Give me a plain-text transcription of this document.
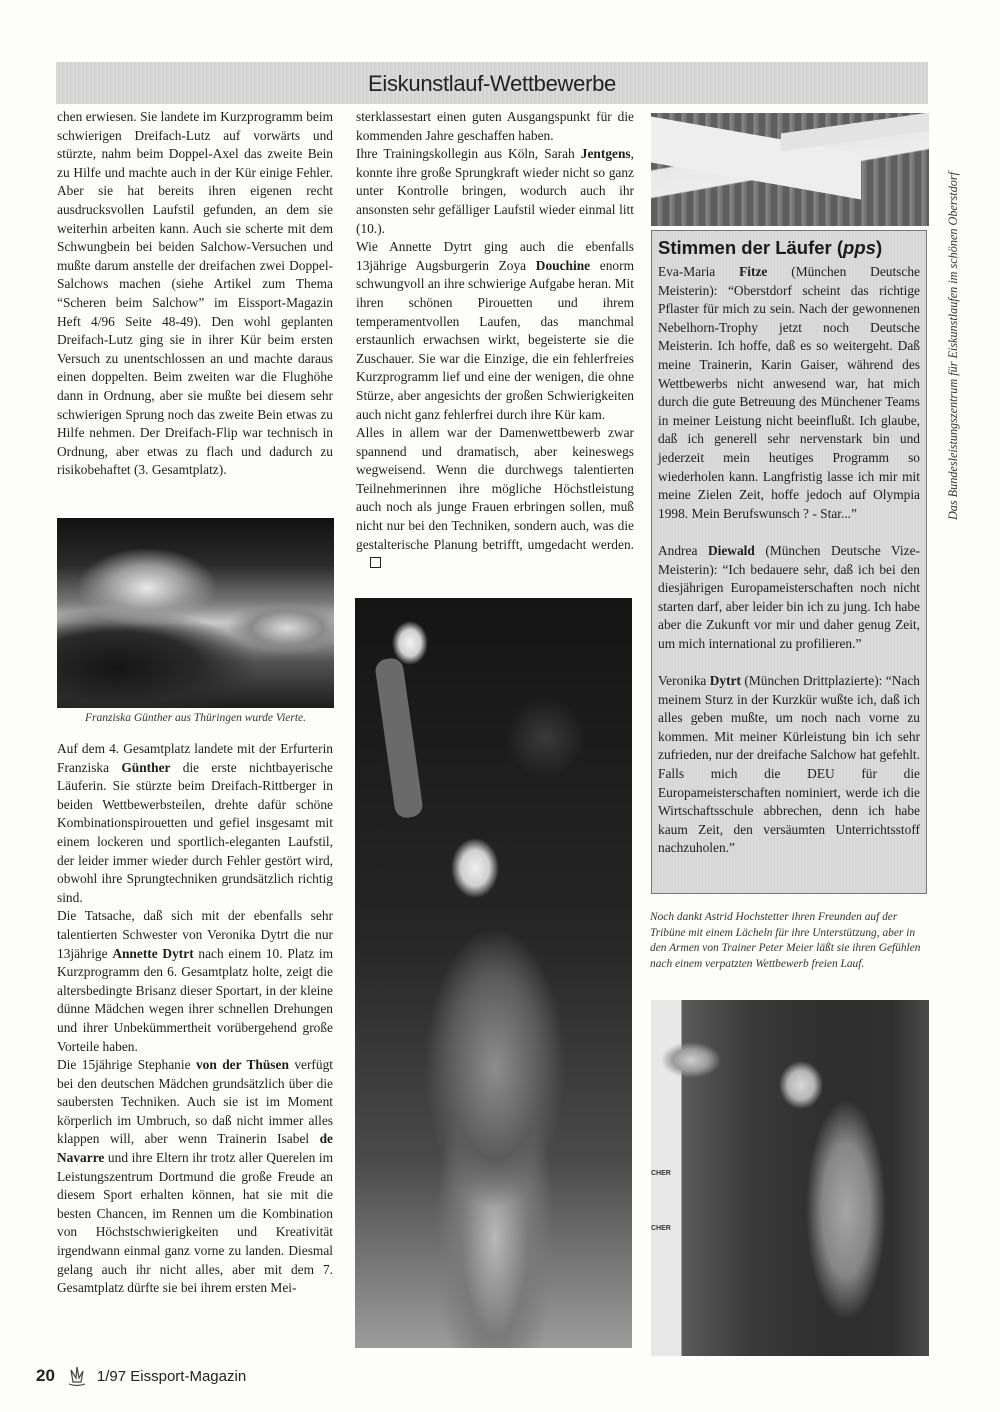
Eiskunstlauf-Wettbewerbe

chen erwiesen. Sie landete im Kurzprogramm beim schwierigen Dreifach-Lutz auf vorwärts und stürzte, nahm beim Doppel-Axel das zweite Bein zu Hilfe und machte auch in der Kür einige Fehler. Aber sie hat bereits ihren eigenen recht ausdrucksvollen Laufstil gefunden, an dem sie weiterhin arbeiten kann. Auch sie scherte mit dem Schwungbein bei beiden Salchow-Versuchen und mußte darum anstelle der dreifachen zwei Doppel-Salchows machen (siehe Artikel zum Thema “Scheren beim Salchow” im Eissport-Magazin Heft 4/96 Seite 48-49). Den wohl geplanten Dreifach-Lutz ging sie in ihrer Kür beim ersten Versuch zu unentschlossen an und machte daraus einen doppelten. Beim zweiten war die Flughöhe dann in Ordnung, aber sie mußte bei diesem sehr schwierigen Sprung noch das zweite Bein etwas zu Hilfe nehmen. Der Dreifach-Flip war technisch in Ordnung, aber etwas zu flach und dadurch zu risikobehaftet (3. Gesamtplatz).

Franziska Günther aus Thüringen wurde Vierte.

Auf dem 4. Gesamtplatz landete mit der Erfurterin Franziska Günther die erste nichtbayerische Läuferin. Sie stürzte beim Dreifach-Rittberger in beiden Wettbewerbsteilen, drehte dafür schöne Kombinationspirouetten und gefiel insgesamt mit einem lockeren und sportlich-eleganten Laufstil, der leider immer wieder durch Fehler gestört wird, obwohl ihre Sprungtechniken grundsätzlich richtig sind.

Die Tatsache, daß sich mit der ebenfalls sehr talentierten Schwester von Veronika Dytrt die nur 13jährige Annette Dytrt nach einem 10. Platz im Kurzprogramm den 6. Gesamtplatz holte, zeigt die altersbedingte Brisanz dieser Sportart, in der kleine dünne Mädchen wegen ihrer schnellen Drehungen und ihrer Unbekümmertheit vorübergehend große Vorteile haben.

Die 15jährige Stephanie von der Thüsen verfügt bei den deutschen Mädchen grundsätzlich über die saubersten Techniken. Auch sie ist im Moment körperlich im Umbruch, so daß nicht immer alles klappen will, aber wenn Trainerin Isabel de Navarre und ihre Eltern ihr trotz aller Querelen im Leistungszentrum Dortmund die große Freude an diesem Sport erhalten können, hat sie mit die besten Chancen, im Rennen um die Kombination von Höchstschwierigkeiten und Kreativität irgendwann einmal ganz vorne zu landen. Diesmal gelang auch ihr nicht alles, aber mit dem 7. Gesamtplatz dürfte sie bei ihrem ersten Mei-

sterklassestart einen guten Ausgangspunkt für die kommenden Jahre geschaffen haben.

Ihre Trainingskollegin aus Köln, Sarah Jentgens, konnte ihre große Sprungkraft wieder nicht so ganz unter Kontrolle bringen, wodurch auch ihr ansonsten sehr gefälliger Laufstil wieder einmal litt (10.).

Wie Annette Dytrt ging auch die ebenfalls 13jährige Augsburgerin Zoya Douchine enorm schwungvoll an ihre schwierige Aufgabe heran. Mit ihren schönen Pirouetten und ihrem temperamentvollen Laufen, das manchmal erstaunlich erwachsen wirkt, begeisterte sie die Zuschauer. Sie war die Einzige, die ein fehlerfreies Kurzprogramm lief und eine der wenigen, die ohne Stürze, aber angesichts der großen Schwierigkeiten auch nicht ganz fehlerfrei durch ihre Kür kam.

Alles in allem war der Damenwettbewerb zwar spannend und dramatisch, aber keineswegs wegweisend. Wenn die durchwegs talentierten Teilnehmerinnen ihre mögliche Höchstleistung auch noch als junge Frauen erbringen sollen, muß nicht nur bei den Techniken, sondern auch, was die gestalterische Planung betrifft, umgedacht werden.

Stimmen der Läufer (pps)

Eva-Maria Fitze (München Deutsche Meisterin): “Oberstdorf scheint das richtige Pflaster für mich zu sein. Nach der gewonnenen Nebelhorn-Trophy jetzt noch Deutsche Meisterin. Ich hoffe, daß es so weitergeht. Daß meine Trainerin, Karin Gaiser, während des Wettbewerbs nicht anwesend war, hat mich durch die gute Betreuung des Münchener Teams in meiner Leistung nicht beeinflußt. Ich glaube, daß ich generell sehr nervenstark bin und jederzeit mein heutiges Programm so wiederholen kann. Langfristig lasse ich mir mit meine Zielen Zeit, hoffe jedoch auf Olympia 1998. Mein Berufswunsch ? - Star...”

Andrea Diewald (München Deutsche Vize-Meisterin): “Ich bedauere sehr, daß ich bei den diesjährigen Europameisterschaften noch nicht starten darf, aber leider bin ich zu jung. Ich habe aber die Zukunft vor mir und daher genug Zeit, um mich international zu profilieren.”

Veronika Dytrt (München Drittplazierte): “Nach meinem Sturz in der Kurzkür wußte ich, daß ich alles geben mußte, um noch nach vorne zu kommen. Mit meiner Kürleistung bin ich sehr zufrieden, nur der dreifache Salchow hat gefehlt. Falls mich die DEU für die Europameisterschaften nominiert, werde ich die Wirtschaftsschule abbrechen, denn ich habe kaum Zeit, den versäumten Unterrichtsstoff nachzuholen.”

Das Bundesleistungszentrum für Eiskunstlaufen im schönen Oberstdorf
Noch dankt Astrid Hochstetter ihren Freunden auf der Tribüne mit einem Lächeln für ihre Unterstützung, aber in den Armen von Trainer Peter Meier läßt sie ihren Gefühlen nach einem verpatzten Wettbewerb freien Lauf.
CHER
CHER
20	1/97 Eissport-Magazin
